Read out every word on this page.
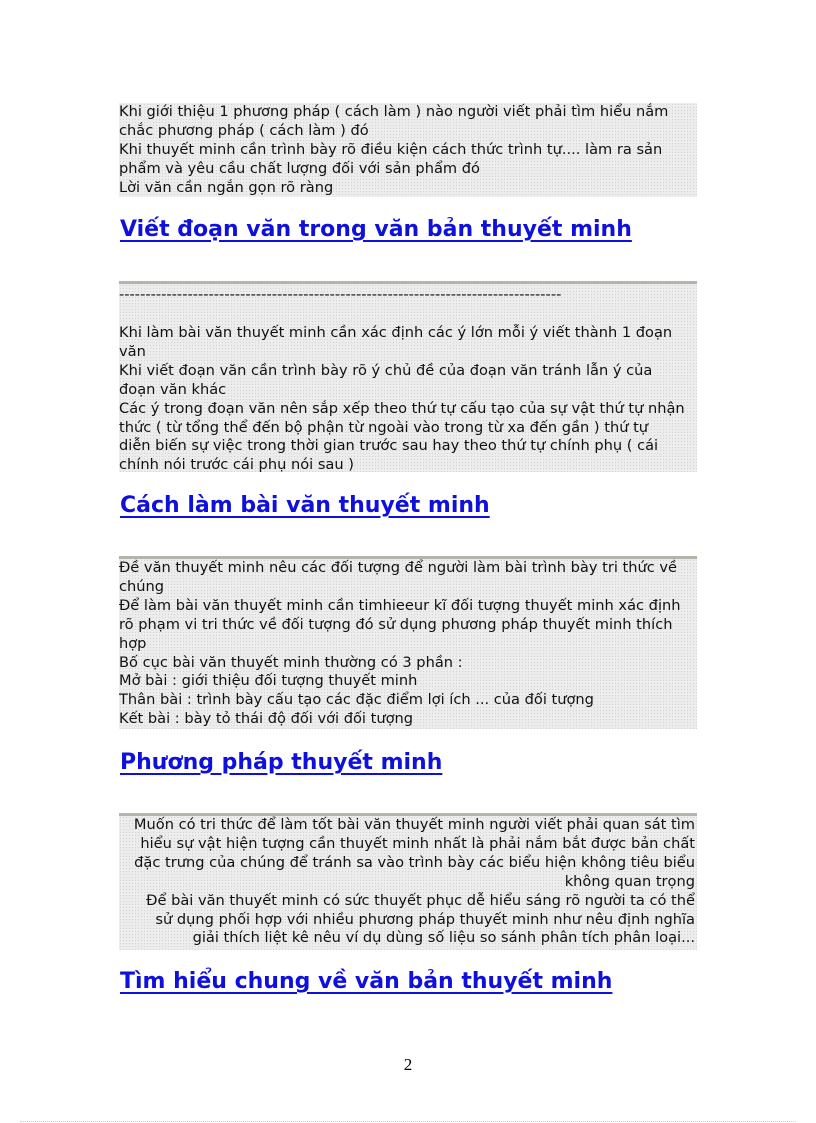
Khi giới thiệu 1 phương pháp ( cách làm ) nào người viết phải tìm hiểu nắm
chắc phương pháp ( cách làm ) đó
Khi thuyết minh cần trình bày rõ điều kiện cách thức trình tự.... làm ra sản
phẩm và yêu cầu chất lượng đối với sản phẩm đó
Lời văn cần ngắn gọn rõ ràng
Viết đoạn văn trong văn bản thuyết minh
------------------------------------------------------------------------------------
Khi làm bài văn thuyết minh cần xác định các ý lớn mỗi ý viết thành 1 đoạn
văn
Khi viết đoạn văn cần trình bày rõ ý chủ đề của đoạn văn tránh lẫn ý của
đoạn văn khác
Các ý trong đoạn văn nên sắp xếp theo thứ tự cấu tạo của sự vật thứ tự nhận
thức ( từ tổng thể đến bộ phận từ ngoài vào trong từ xa đến gần ) thứ tự
diễn biến sự việc trong thời gian trước sau hay theo thứ tự chính phụ ( cái
chính nói trước cái phụ nói sau )
Cách làm bài văn thuyết minh
Đề văn thuyết minh nêu các đối tượng để người làm bài trình bày tri thức về
chúng
Để làm bài văn thuyết minh cần timhieeur kĩ đối tượng thuyết minh xác định
rõ phạm vi tri thức về đối tượng đó sử dụng phương pháp thuyết minh thích
hợp
Bố cục bài văn thuyết minh thường có 3 phần :
Mở bài : giới thiệu đối tượng thuyết minh
Thân bài : trình bày cấu tạo các đặc điểm lợi ích ... của đối tượng
Kết bài : bày tỏ thái độ đối với đối tượng
Phương pháp thuyết minh
Muốn có tri thức để làm tốt bài văn thuyết minh người viết phải quan sát tìm
hiểu sự vật hiện tượng cần thuyết minh nhất là phải nắm bắt được bản chất
đặc trưng của chúng để tránh sa vào trình bày các biểu hiện không tiêu biểu
không quan trọng
Để bài văn thuyết minh có sức thuyết phục dễ hiểu sáng rõ người ta có thể
sử dụng phối hợp với nhiều phương pháp thuyết minh như nêu định nghĩa
giải thích liệt kê nêu ví dụ dùng số liệu so sánh phân tích phân loại...
Tìm hiểu chung về văn bản thuyết minh
2
